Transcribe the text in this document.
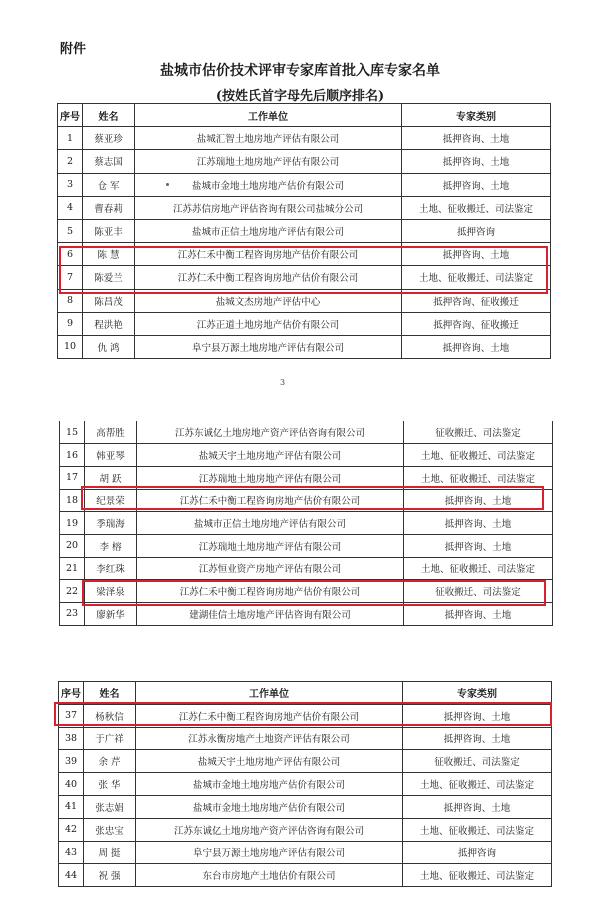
附件
盐城市估价技术评审专家库首批入库专家名单
(按姓氏首字母先后顺序排名)
序号	姓名	工作单位	专家类别
1	蔡亚珍	盐城汇智土地房地产评估有限公司	抵押咨询、土地
2	蔡志国	江苏瑞地土地房地产评估有限公司	抵押咨询、土地
3	仓 军	盐城市金地土地房地产估价有限公司	抵押咨询、土地
4	曹春莉	江苏苏信房地产评估咨询有限公司盐城分公司	土地、征收搬迁、司法鉴定
5	陈亚丰	盐城市正信土地房地产评估有限公司	抵押咨询
6	陈 慧	江苏仁禾中衡工程咨询房地产估价有限公司	抵押咨询、土地
7	陈爱兰	江苏仁禾中衡工程咨询房地产估价有限公司	土地、征收搬迁、司法鉴定
8	陈昌茂	盐城文杰房地产评估中心	抵押咨询、征收搬迁
9	程洪艳	江苏正道土地房地产估价有限公司	抵押咨询、征收搬迁
10	仇 鸿	阜宁县万源土地房地产评估有限公司	抵押咨询、土地
3
15	高帮胜	江苏东诚亿土地房地产资产评估咨询有限公司	征收搬迁、司法鉴定
16	韩亚琴	盐城天宇土地房地产评估有限公司	土地、征收搬迁、司法鉴定
17	胡 跃	江苏瑞地土地房地产评估有限公司	土地、征收搬迁、司法鉴定
18	纪景荣	江苏仁禾中衡工程咨询房地产估价有限公司	抵押咨询、土地
19	季瑞海	盐城市正信土地房地产评估有限公司	抵押咨询、土地
20	李 榕	江苏瑞地土地房地产评估有限公司	抵押咨询、土地
21	李红珠	江苏恒业资产房地产评估有限公司	土地、征收搬迁、司法鉴定
22	梁泽泉	江苏仁禾中衡工程咨询房地产估价有限公司	征收搬迁、司法鉴定
23	廖新华	建湖佳信土地房地产评估咨询有限公司	抵押咨询、土地
序号	姓名	工作单位	专家类别
37	杨秋信	江苏仁禾中衡工程咨询房地产估价有限公司	抵押咨询、土地
38	于广祥	江苏永衡房地产土地资产评估有限公司	抵押咨询、土地
39	余 芹	盐城天宇土地房地产评估有限公司	征收搬迁、司法鉴定
40	张 华	盐城市金地土地房地产估价有限公司	土地、征收搬迁、司法鉴定
41	张志娟	盐城市金地土地房地产估价有限公司	抵押咨询、土地
42	张忠宝	江苏东诚亿土地房地产资产评估咨询有限公司	土地、征收搬迁、司法鉴定
43	周 挺	阜宁县万源土地房地产评估有限公司	抵押咨询
44	祝 强	东台市房地产土地估价有限公司	土地、征收搬迁、司法鉴定
